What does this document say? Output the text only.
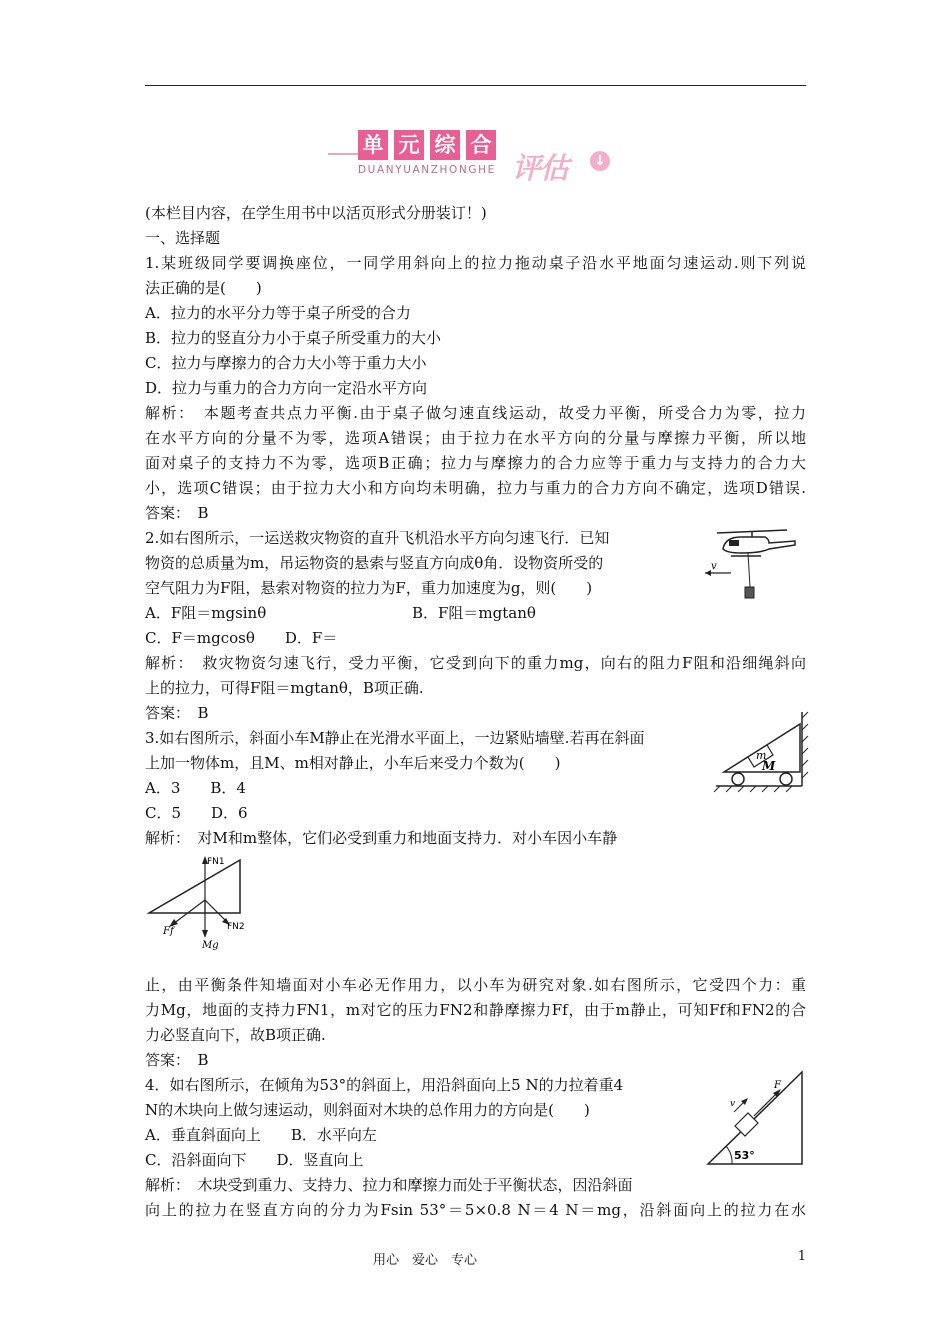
单 元 综 合
DUANYUANZHONGHE 评估 ↓
(本栏目内容，在学生用书中以活页形式分册装订！)
一、选择题
1.某班级同学要调换座位，一同学用斜向上的拉力拖动桌子沿水平地面匀速运动.则下列说
法正确的是(　　)
A．拉力的水平分力等于桌子所受的合力
B．拉力的竖直分力小于桌子所受重力的大小
C．拉力与摩擦力的合力大小等于重力大小
D．拉力与重力的合力方向一定沿水平方向
解析：　本题考查共点力平衡.由于桌子做匀速直线运动，故受力平衡，所受合力为零，拉力
在水平方向的分量不为零，选项A错误；由于拉力在水平方向的分量与摩擦力平衡，所以地
面对桌子的支持力不为零，选项B正确；拉力与摩擦力的合力应等于重力与支持力的合力大
小，选项C错误；由于拉力大小和方向均未明确，拉力与重力的合力方向不确定，选项D错误.
答案：　B
2.如右图所示，一运送救灾物资的直升飞机沿水平方向匀速飞行．已知
物资的总质量为m，吊运物资的悬索与竖直方向成θ角．设物资所受的
空气阻力为F阻，悬索对物资的拉力为F，重力加速度为g，则(　　)
A．F阻＝mgsinθ	B．F阻＝mgtanθ
C．F＝mgcosθ　　D．F＝
解析：　救灾物资匀速飞行，受力平衡，它受到向下的重力mg，向右的阻力F阻和沿细绳斜向
上的拉力，可得F阻＝mgtanθ，B项正确.
答案：　B
3.如右图所示，斜面小车M静止在光滑水平面上，一边紧贴墙壁.若再在斜面
上加一物体m，且M、m相对静止，小车后来受力个数为(　　)
A．3　　B．4
C．5　　D．6
解析：　对M和m整体，它们必受到重力和地面支持力．对小车因小车静
止，由平衡条件知墙面对小车必无作用力，以小车为研究对象.如右图所示，它受四个力：重
力Mg，地面的支持力FN1，m对它的压力FN2和静摩擦力Ff，由于m静止，可知Ff和FN2的合
力必竖直向下，故B项正确.
答案：　B
4．如右图所示，在倾角为53°的斜面上，用沿斜面向上5 N的力拉着重4
N的木块向上做匀速运动，则斜面对木块的总作用力的方向是(　　)
A．垂直斜面向上　　B．水平向左
C．沿斜面向下　　D．竖直向上
解析：　木块受到重力、支持力、拉力和摩擦力而处于平衡状态，因沿斜面
向上的拉力在竖直方向的分力为Fsin 53°＝5×0.8 N＝4 N＝mg，沿斜面向上的拉力在水
v
m
M
FN1
Ff
Mg
FN2
53°
F
v
用心　爱心　专心	1
